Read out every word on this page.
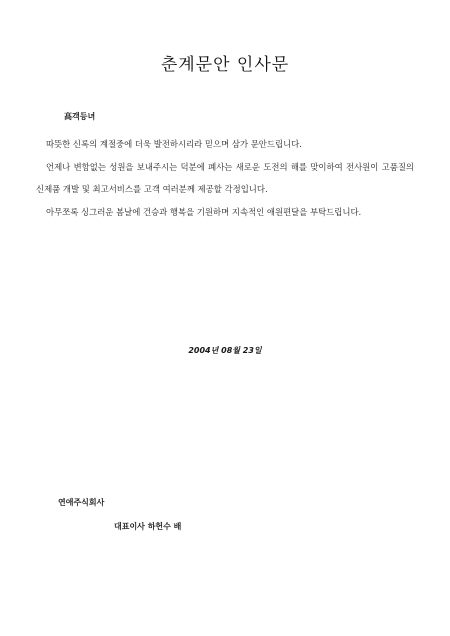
춘계문안 인사문
高객등녀

따뜻한 신록의 계절중에 더욱 발전하시리라 믿으며 삼가 문안드립니다.

언제나 변함없는 성원을 보내주시는 덕분에 폐사는 새로운 도전의 해를 맞이하여 전사원이 고품질의 신제품 개발 및 최고서비스를 고객 여러분께 제공할 각정입니다.

아무쪼록 싱그러운 봄날에 건승과 행복을 기원하며 지속적인 애원편달을 부탁드립니다.

2004년 08월 23일
연애주식회사
대표이사 하헌수 배
